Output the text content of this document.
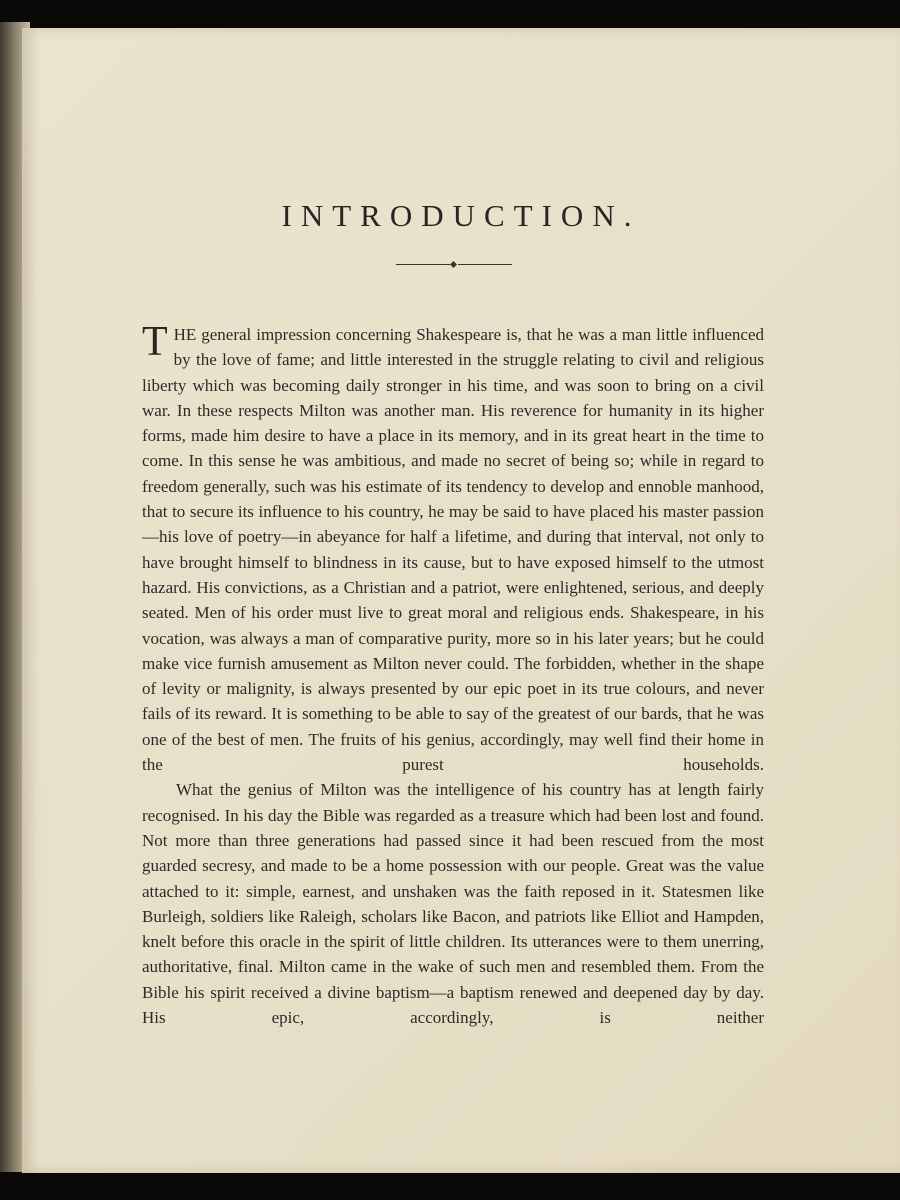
INTRODUCTION.

THE general impression concerning Shakespeare is, that he was a man little influenced by the love of fame; and little interested in the struggle relating to civil and religious liberty which was becoming daily stronger in his time, and was soon to bring on a civil war. In these respects Milton was another man. His reverence for humanity in its higher forms, made him desire to have a place in its memory, and in its great heart in the time to come. In this sense he was ambitious, and made no secret of being so; while in regard to freedom generally, such was his estimate of its tendency to develop and ennoble manhood, that to secure its influence to his country, he may be said to have placed his master passion—his love of poetry—in abeyance for half a lifetime, and during that interval, not only to have brought himself to blindness in its cause, but to have exposed himself to the utmost hazard. His convictions, as a Christian and a patriot, were enlightened, serious, and deeply seated. Men of his order must live to great moral and religious ends. Shakespeare, in his vocation, was always a man of comparative purity, more so in his later years; but he could make vice furnish amusement as Milton never could. The forbidden, whether in the shape of levity or malignity, is always presented by our epic poet in its true colours, and never fails of its reward. It is something to be able to say of the greatest of our bards, that he was one of the best of men. The fruits of his genius, accordingly, may well find their home in the purest households.

What the genius of Milton was the intelligence of his country has at length fairly recognised. In his day the Bible was regarded as a treasure which had been lost and found. Not more than three generations had passed since it had been rescued from the most guarded secresy, and made to be a home possession with our people. Great was the value attached to it: simple, earnest, and unshaken was the faith reposed in it. Statesmen like Burleigh, soldiers like Raleigh, scholars like Bacon, and patriots like Elliot and Hampden, knelt before this oracle in the spirit of little children. Its utterances were to them unerring, authoritative, final. Milton came in the wake of such men and resembled them. From the Bible his spirit received a divine baptism—a baptism renewed and deepened day by day. His epic, accordingly, is neither
